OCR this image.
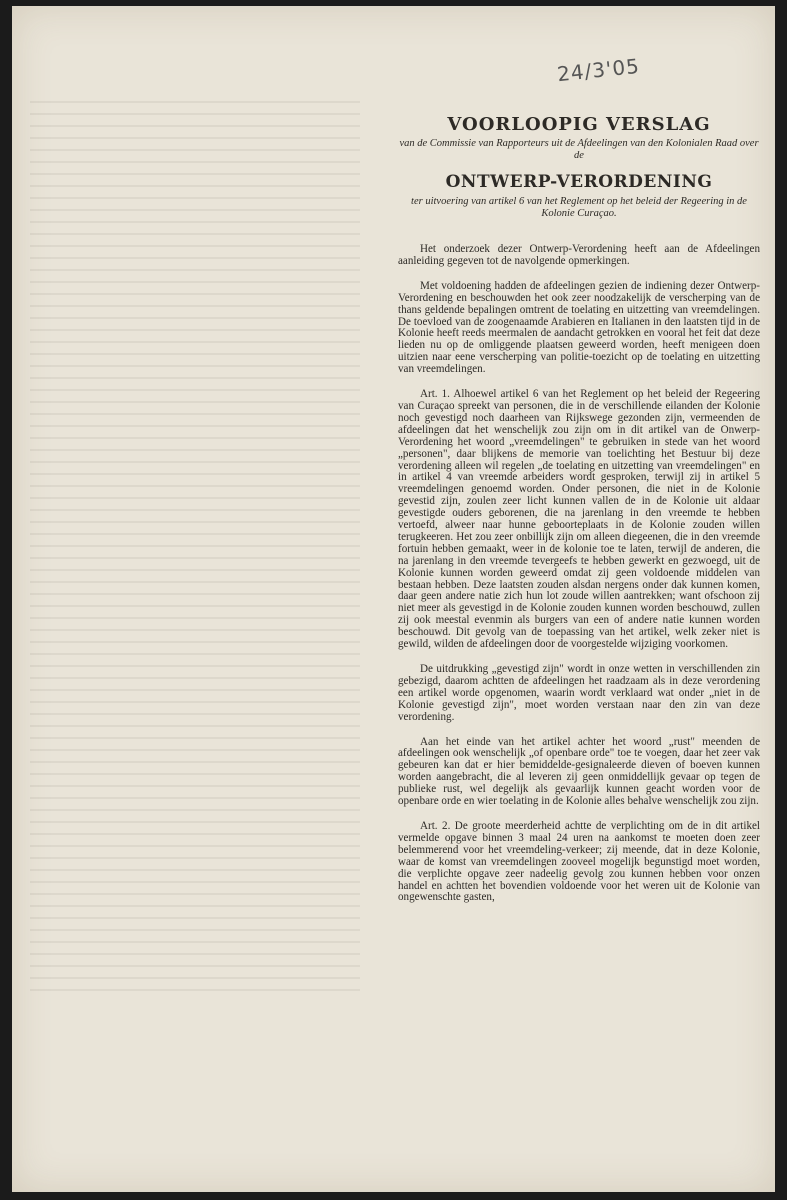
24/3'05
VOORLOOPIG VERSLAG

van de Commissie van Rapporteurs uit de Afdeelingen van den Kolonialen Raad over de

ONTWERP-VERORDENING

ter uitvoering van artikel 6 van het Reglement op het beleid der Regeering in de Kolonie Curaçao.

Het onderzoek dezer Ontwerp-Verordening heeft aan de Afdeelingen aanleiding gegeven tot de navolgende opmerkingen.

Met voldoening hadden de afdeelingen gezien de indiening dezer Ontwerp-Verordening en beschouwden het ook zeer noodzakelijk de verscherping van de thans geldende bepalingen omtrent de toelating en uitzetting van vreemdelingen. De toevloed van de zoogenaamde Arabieren en Italianen in den laatsten tijd in de Kolonie heeft reeds meermalen de aandacht getrokken en vooral het feit dat deze lieden nu op de omliggende plaatsen geweerd worden, heeft menigeen doen uitzien naar eene verscherping van politie-toezicht op de toelating en uitzetting van vreemdelingen.

Art. 1. Alhoewel artikel 6 van het Reglement op het beleid der Regeering van Curaçao spreekt van personen, die in de verschillende eilanden der Kolonie noch gevestigd noch daarheen van Rijkswege gezonden zijn, vermeenden de afdeelingen dat het wenschelijk zou zijn om in dit artikel van de Onwerp-Verordening het woord „vreemdelingen" te gebruiken in stede van het woord „personen", daar blijkens de memorie van toelichting het Bestuur bij deze verordening alleen wil regelen „de toelating en uitzetting van vreemdelingen" en in artikel 4 van vreemde arbeiders wordt gesproken, terwijl zij in artikel 5 vreemdelingen genoemd worden. Onder personen, die niet in de Kolonie gevestid zijn, zoulen zeer licht kunnen vallen de in de Kolonie uit aldaar gevestigde ouders geborenen, die na jarenlang in den vreemde te hebben vertoefd, alweer naar hunne geboorteplaats in de Kolonie zouden willen terugkeeren. Het zou zeer onbillijk zijn om alleen diegeenen, die in den vreemde fortuin hebben gemaakt, weer in de kolonie toe te laten, terwijl de anderen, die na jarenlang in den vreemde tevergeefs te hebben gewerkt en gezwoegd, uit de Kolonie kunnen worden geweerd omdat zij geen voldoende middelen van bestaan hebben. Deze laatsten zouden alsdan nergens onder dak kunnen komen, daar geen andere natie zich hun lot zoude willen aantrekken; want ofschoon zij niet meer als gevestigd in de Kolonie zouden kunnen worden beschouwd, zullen zij ook meestal evenmin als burgers van een of andere natie kunnen worden beschouwd. Dit gevolg van de toepassing van het artikel, welk zeker niet is gewild, wilden de afdeelingen door de voorgestelde wijziging voorkomen.

De uitdrukking „gevestigd zijn" wordt in onze wetten in verschillenden zin gebezigd, daarom achtten de afdeelingen het raadzaam als in deze verordening een artikel worde opgenomen, waarin wordt verklaard wat onder „niet in de Kolonie gevestigd zijn", moet worden verstaan naar den zin van deze verordening.

Aan het einde van het artikel achter het woord „rust" meenden de afdeelingen ook wenschelijk „of openbare orde" toe te voegen, daar het zeer vak gebeuren kan dat er hier bemiddelde-gesignaleerde dieven of boeven kunnen worden aangebracht, die al leveren zij geen onmiddellijk gevaar op tegen de publieke rust, wel degelijk als gevaarlijk kunnen geacht worden voor de openbare orde en wier toelating in de Kolonie alles behalve wenschelijk zou zijn.

Art. 2. De groote meerderheid achtte de verplichting om de in dit artikel vermelde opgave binnen 3 maal 24 uren na aankomst te moeten doen zeer belemmerend voor het vreemdeling-verkeer; zij meende, dat in deze Kolonie, waar de komst van vreemdelingen zooveel mogelijk begunstigd moet worden, die verplichte opgave zeer nadeelig gevolg zou kunnen hebben voor onzen handel en achtten het bovendien voldoende voor het weren uit de Kolonie van ongewenschte gasten,
